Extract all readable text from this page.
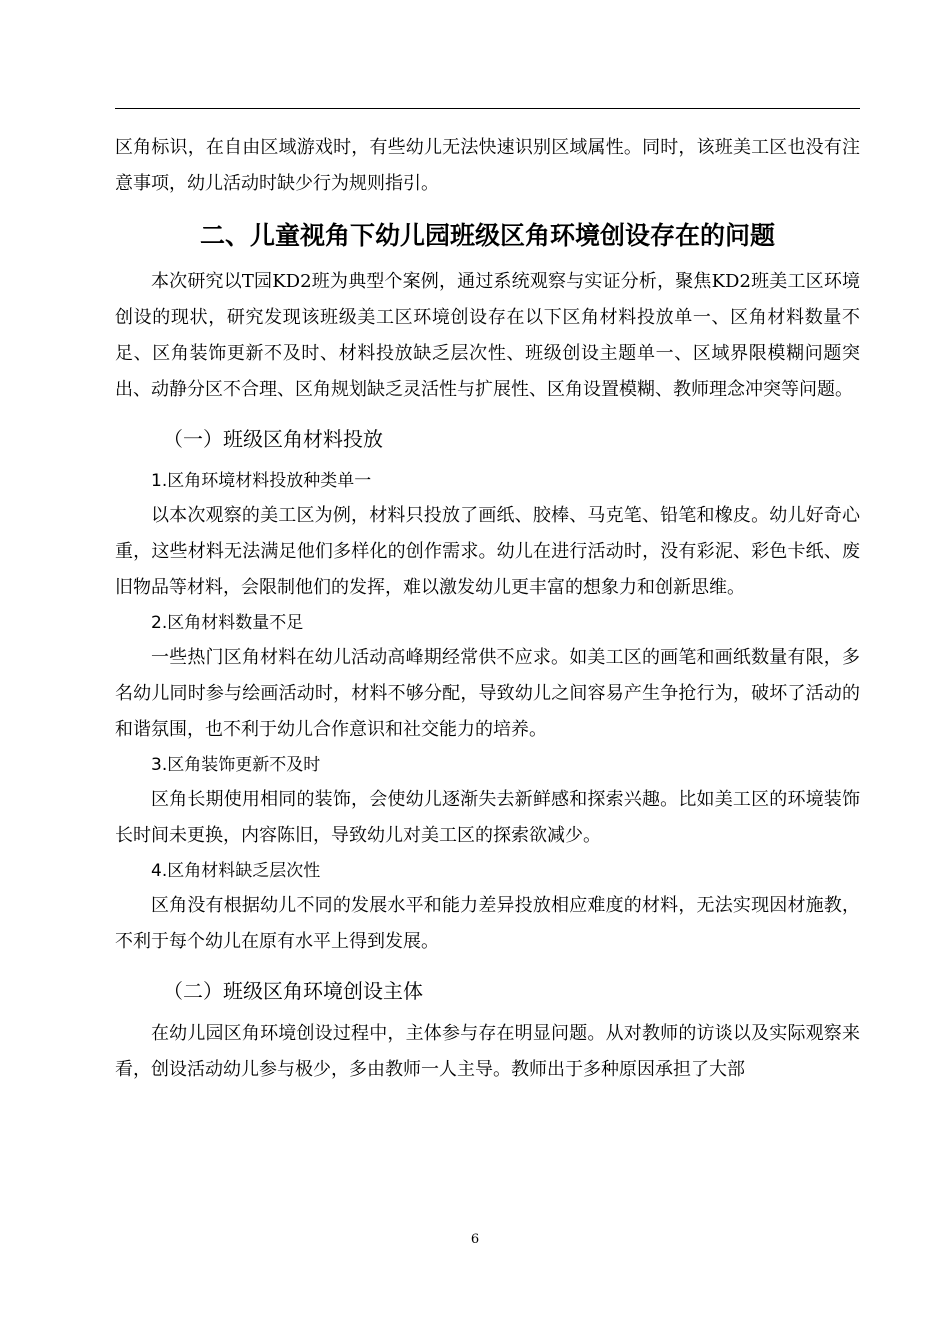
区角标识，在自由区域游戏时，有些幼儿无法快速识别区域属性。同时，该班美工区也没有注意事项，幼儿活动时缺少行为规则指引。

二、儿童视角下幼儿园班级区角环境创设存在的问题

本次研究以T园KD2班为典型个案例，通过系统观察与实证分析，聚焦KD2班美工区环境创设的现状，研究发现该班级美工区环境创设存在以下区角材料投放单一、区角材料数量不足、区角装饰更新不及时、材料投放缺乏层次性、班级创设主题单一、区域界限模糊问题突出、动静分区不合理、区角规划缺乏灵活性与扩展性、区角设置模糊、教师理念冲突等问题。

（一）班级区角材料投放
1.区角环境材料投放种类单一

以本次观察的美工区为例，材料只投放了画纸、胶棒、马克笔、铅笔和橡皮。幼儿好奇心重，这些材料无法满足他们多样化的创作需求。幼儿在进行活动时，没有彩泥、彩色卡纸、废旧物品等材料，会限制他们的发挥，难以激发幼儿更丰富的想象力和创新思维。

2.区角材料数量不足

一些热门区角材料在幼儿活动高峰期经常供不应求。如美工区的画笔和画纸数量有限，多名幼儿同时参与绘画活动时，材料不够分配，导致幼儿之间容易产生争抢行为，破坏了活动的和谐氛围，也不利于幼儿合作意识和社交能力的培养。

3.区角装饰更新不及时

区角长期使用相同的装饰，会使幼儿逐渐失去新鲜感和探索兴趣。比如美工区的环境装饰长时间未更换，内容陈旧，导致幼儿对美工区的探索欲减少。

4.区角材料缺乏层次性

区角没有根据幼儿不同的发展水平和能力差异投放相应难度的材料，无法实现因材施教，不利于每个幼儿在原有水平上得到发展。

（二）班级区角环境创设主体

在幼儿园区角环境创设过程中，主体参与存在明显问题。从对教师的访谈以及实际观察来看，创设活动幼儿参与极少，多由教师一人主导。教师出于多种原因承担了大部

6
